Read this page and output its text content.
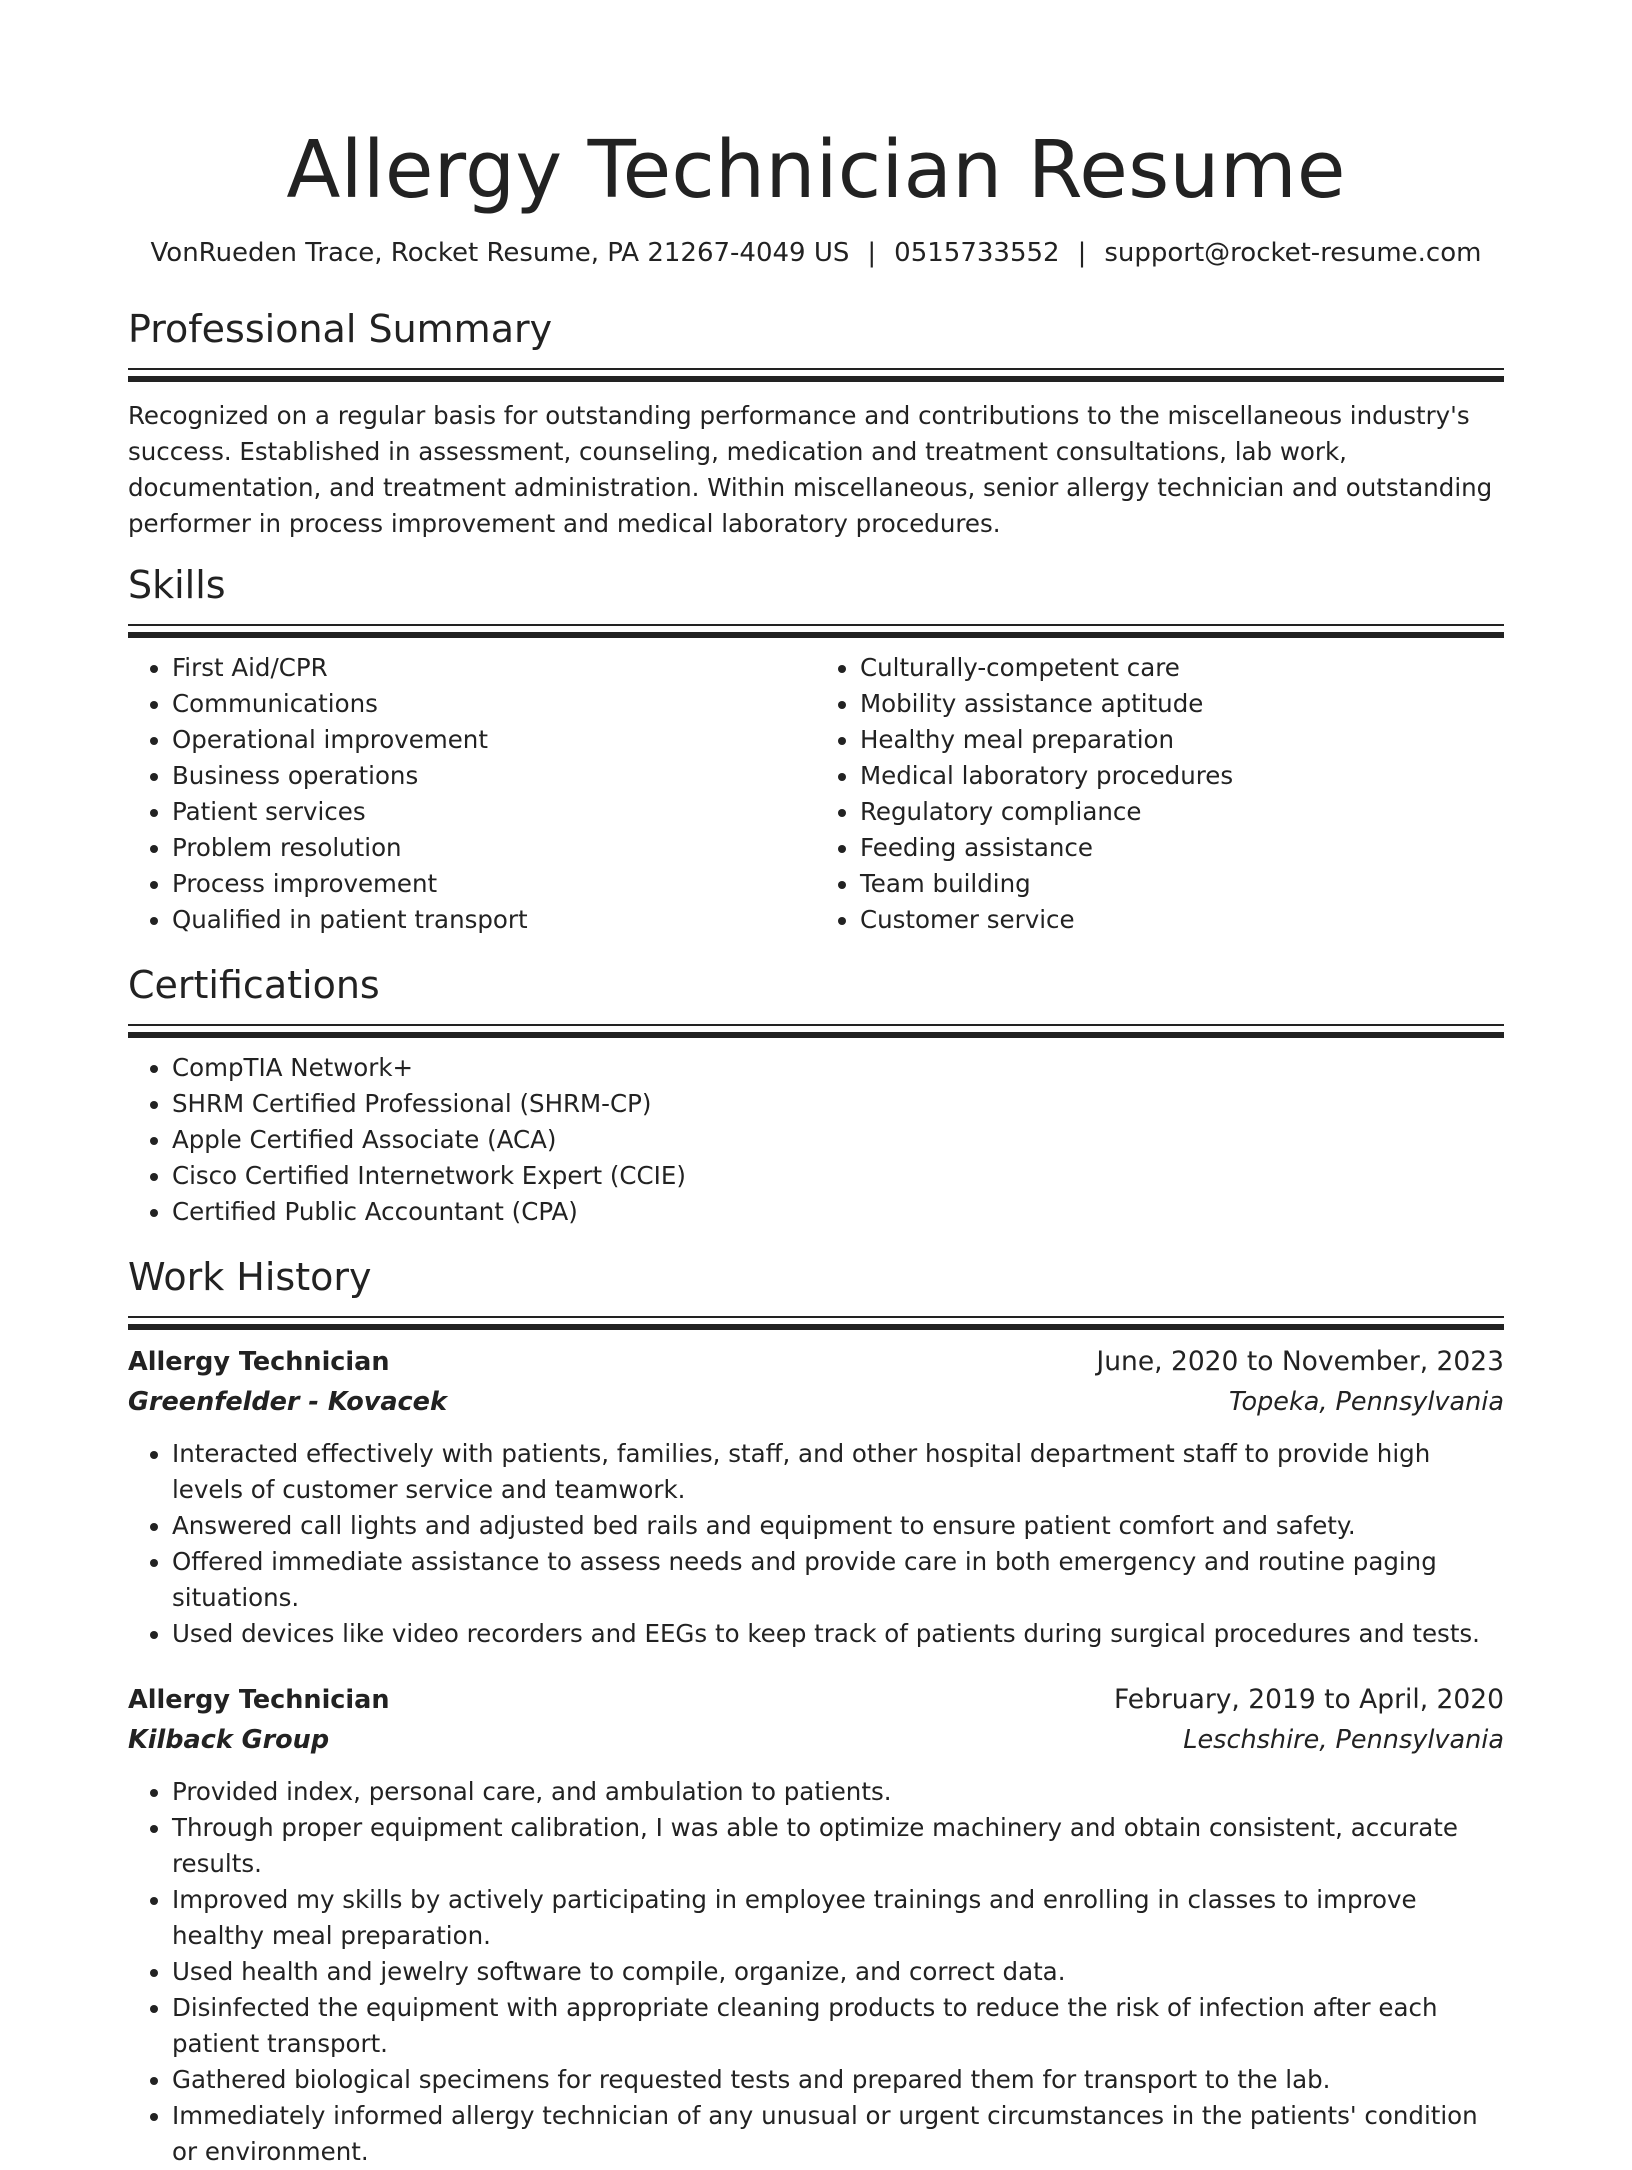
Allergy Technician Resume
VonRueden Trace, Rocket Resume, PA 21267-4049 US | 0515733552 | support@rocket-resume.com
Professional Summary

Recognized on a regular basis for outstanding performance and contributions to the miscellaneous industry's success. Established in assessment, counseling, medication and treatment consultations, lab work, documentation, and treatment administration. Within miscellaneous, senior allergy technician and outstanding performer in process improvement and medical laboratory procedures.

Skills
• First Aid/CPR
• Communications
• Operational improvement
• Business operations
• Patient services
• Problem resolution
• Process improvement
• Qualified in patient transport
• Culturally-competent care
• Mobility assistance aptitude
• Healthy meal preparation
• Medical laboratory procedures
• Regulatory compliance
• Feeding assistance
• Team building
• Customer service
Certifications
• CompTIA Network+
• SHRM Certified Professional (SHRM-CP)
• Apple Certified Associate (ACA)
• Cisco Certified Internetwork Expert (CCIE)
• Certified Public Accountant (CPA)
Work History
Allergy Technician	June, 2020 to November, 2023
Greenfelder - Kovacek	Topeka, Pennsylvania
• Interacted effectively with patients, families, staff, and other hospital department staff to provide high levels of customer service and teamwork.
• Answered call lights and adjusted bed rails and equipment to ensure patient comfort and safety.
• Offered immediate assistance to assess needs and provide care in both emergency and routine paging situations.
• Used devices like video recorders and EEGs to keep track of patients during surgical procedures and tests.
Allergy Technician	February, 2019 to April, 2020
Kilback Group	Leschshire, Pennsylvania
• Provided index, personal care, and ambulation to patients.
• Through proper equipment calibration, I was able to optimize machinery and obtain consistent, accurate results.
• Improved my skills by actively participating in employee trainings and enrolling in classes to improve healthy meal preparation.
• Used health and jewelry software to compile, organize, and correct data.
• Disinfected the equipment with appropriate cleaning products to reduce the risk of infection after each patient transport.
• Gathered biological specimens for requested tests and prepared them for transport to the lab.
• Immediately informed allergy technician of any unusual or urgent circumstances in the patients' condition or environment.
